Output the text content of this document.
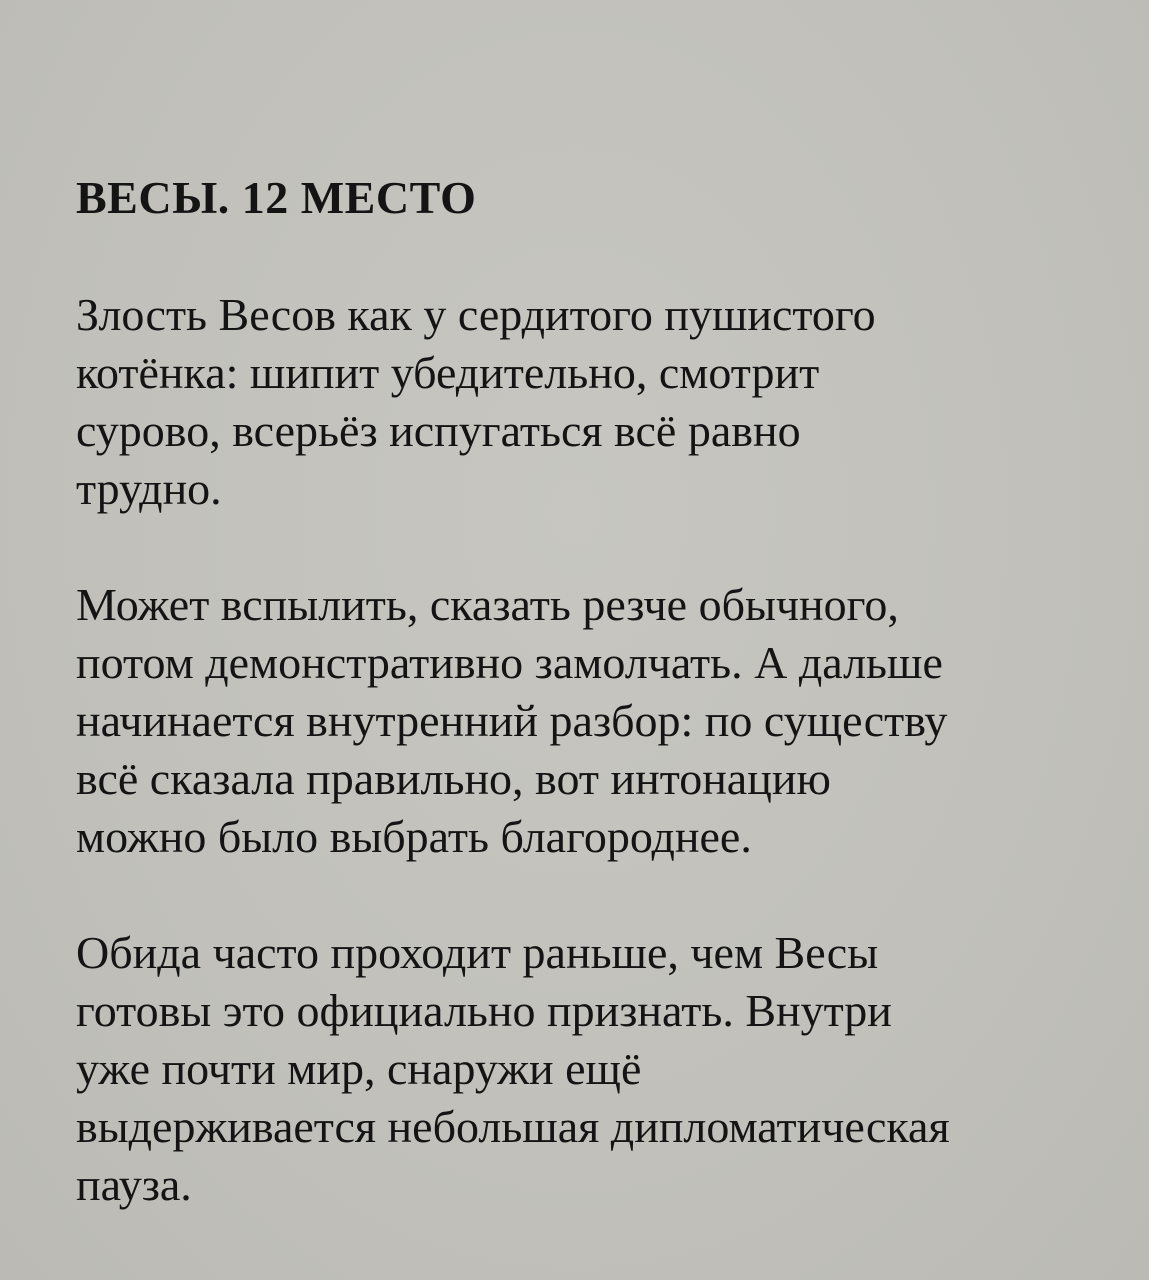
ВЕСЫ. 12 МЕСТО

Злость Весов как у сердитого пушистого
котёнка: шипит убедительно, смотрит
сурово, всерьёз испугаться всё равно
трудно.

Может вспылить, сказать резче обычного,
потом демонстративно замолчать. А дальше
начинается внутренний разбор: по существу
всё сказала правильно, вот интонацию
можно было выбрать благороднее.

Обида часто проходит раньше, чем Весы
готовы это официально признать. Внутри
уже почти мир, снаружи ещё
выдерживается небольшая дипломатическая
пауза.
